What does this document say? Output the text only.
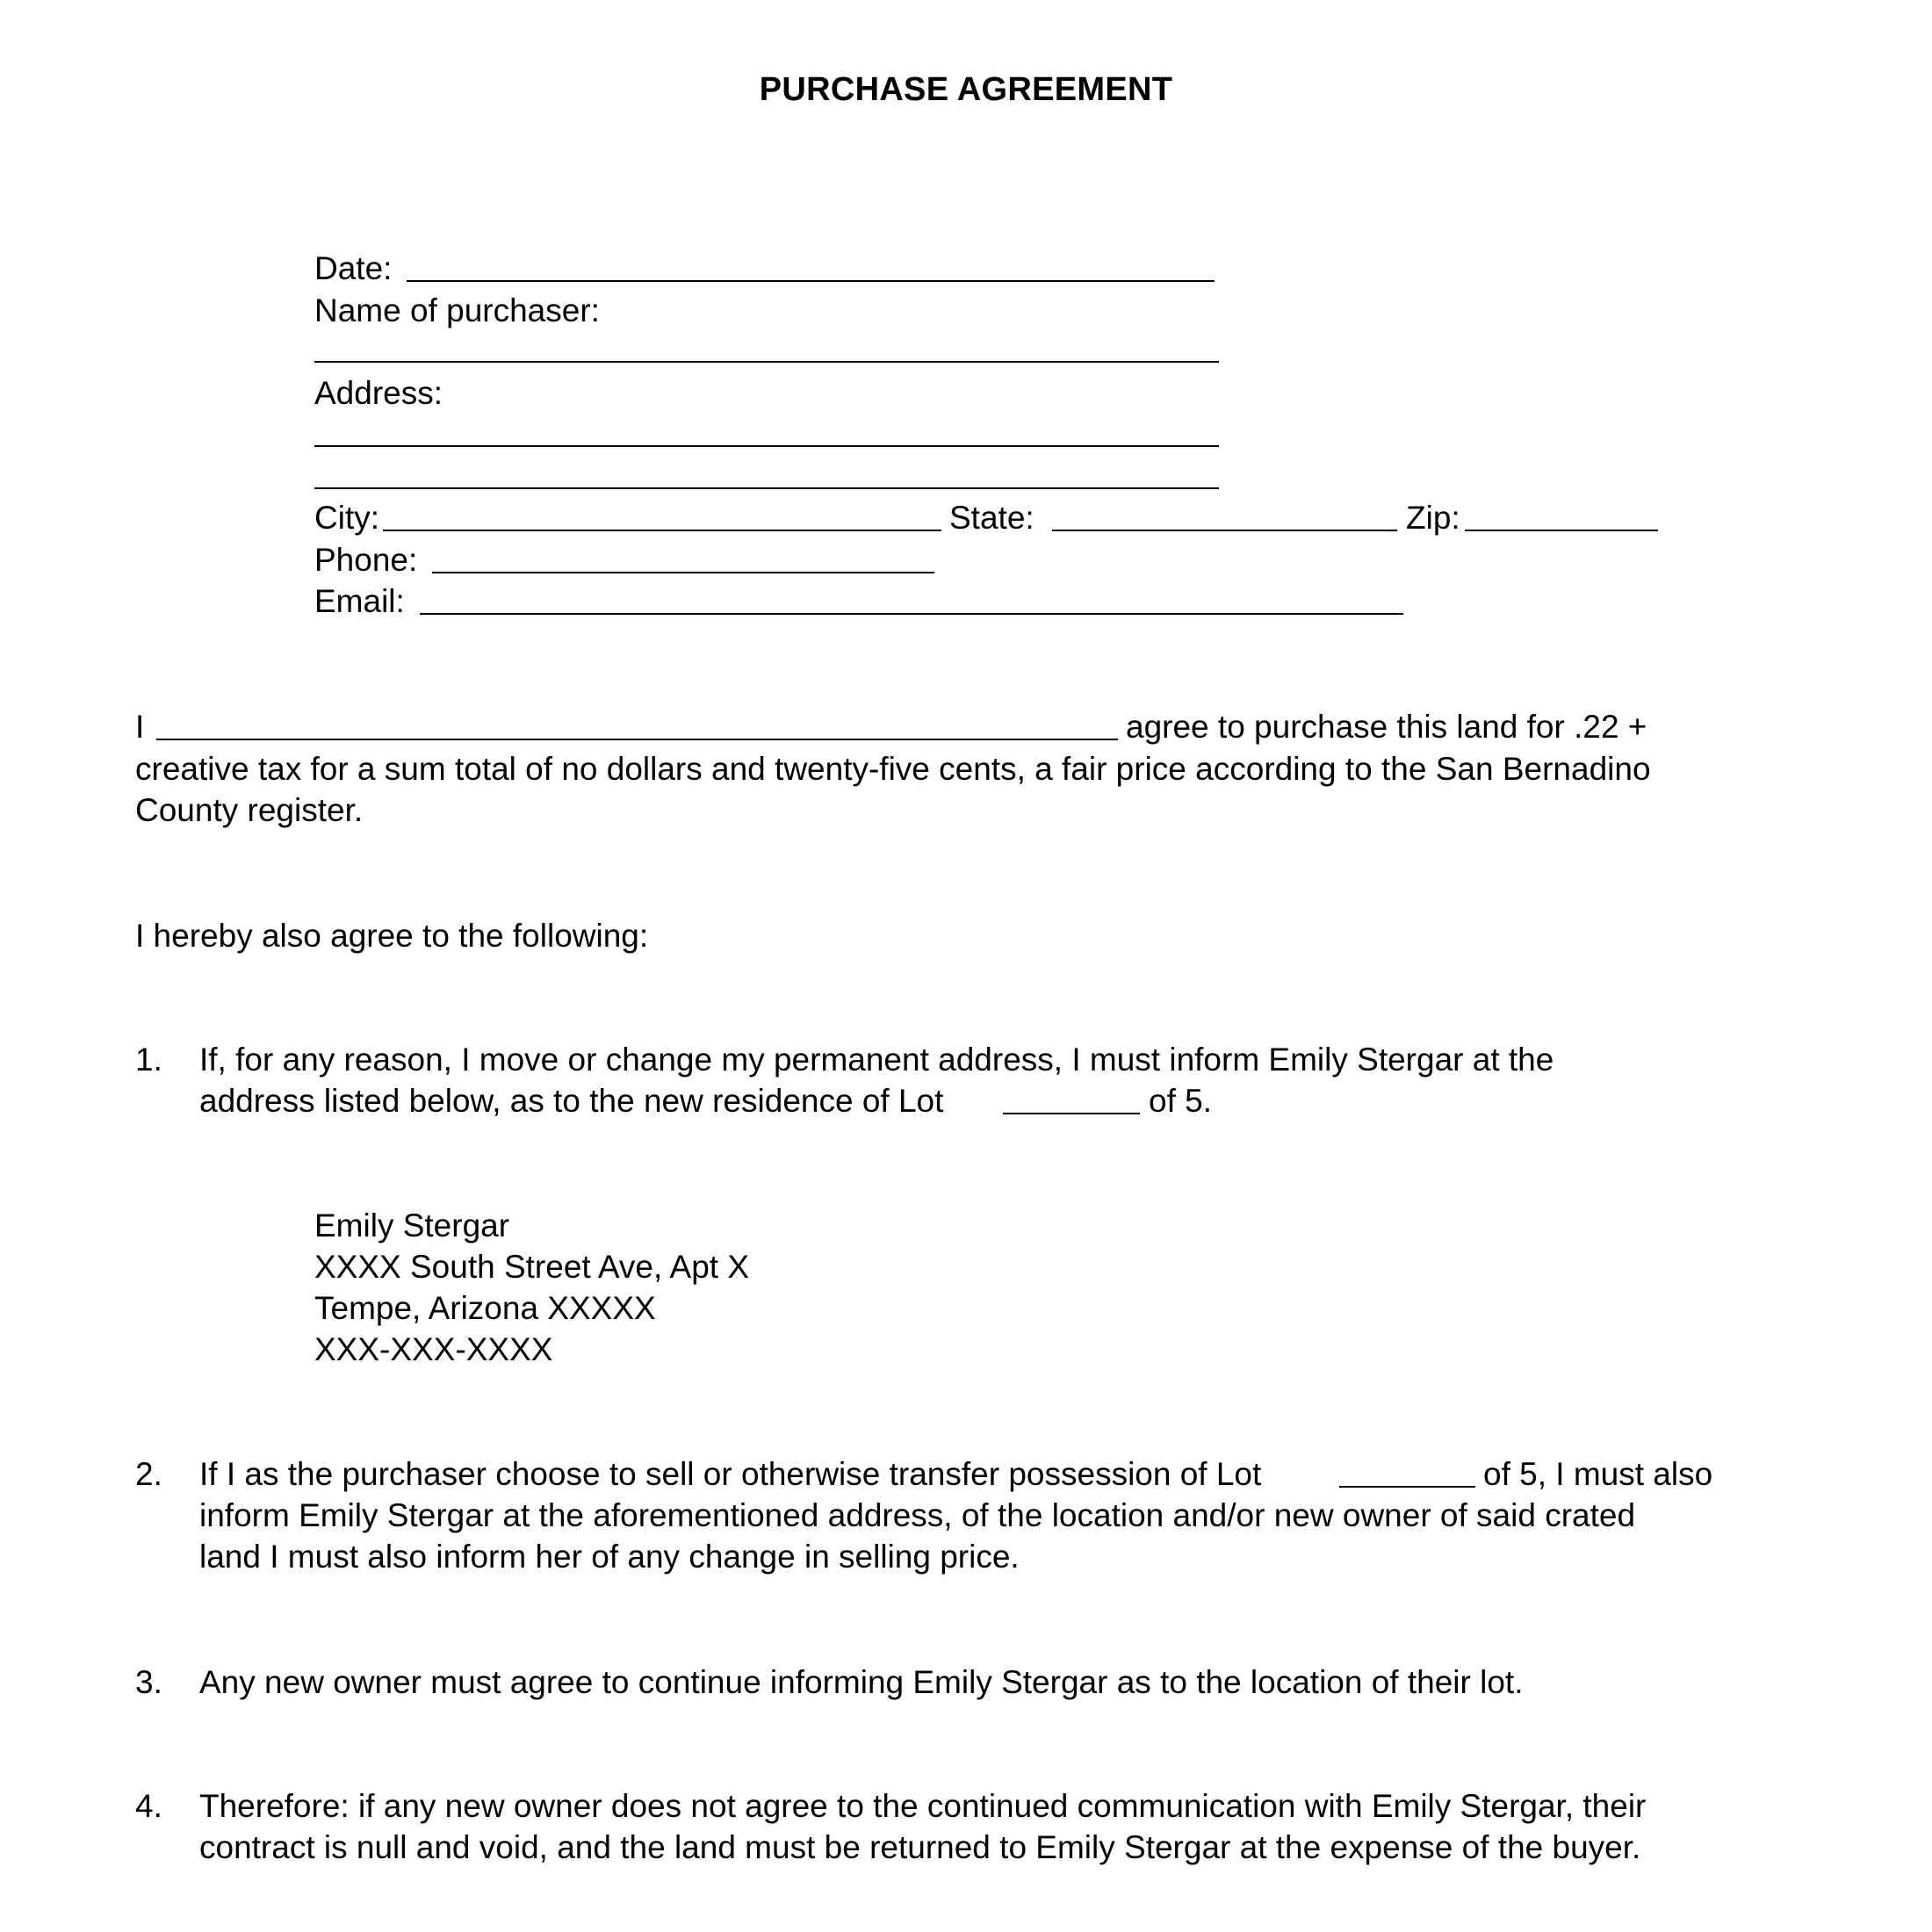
PURCHASE AGREEMENT
Date:
Name of purchaser:
Address:
City:	State:	Zip:
Phone:
Email:
I	agree to purchase this land for .22 +
creative tax for a sum total of no dollars and twenty-five cents, a fair price according to the San Bernadino
County register.
I hereby also agree to the following:
1. If, for any reason, I move or change my permanent address, I must inform Emily Stergar at the
address listed below, as to the new residence of Lot	of 5.
Emily Stergar
XXXX South Street Ave, Apt X
Tempe, Arizona XXXXX
XXX-XXX-XXXX
2. If I as the purchaser choose to sell or otherwise transfer possession of Lot	of 5, I must also
inform Emily Stergar at the aforementioned address, of the location and/or new owner of said crated
land I must also inform her of any change in selling price.
3. Any new owner must agree to continue informing Emily Stergar as to the location of their lot.
4. Therefore: if any new owner does not agree to the continued communication with Emily Stergar, their
contract is null and void, and the land must be returned to Emily Stergar at the expense of the buyer.
